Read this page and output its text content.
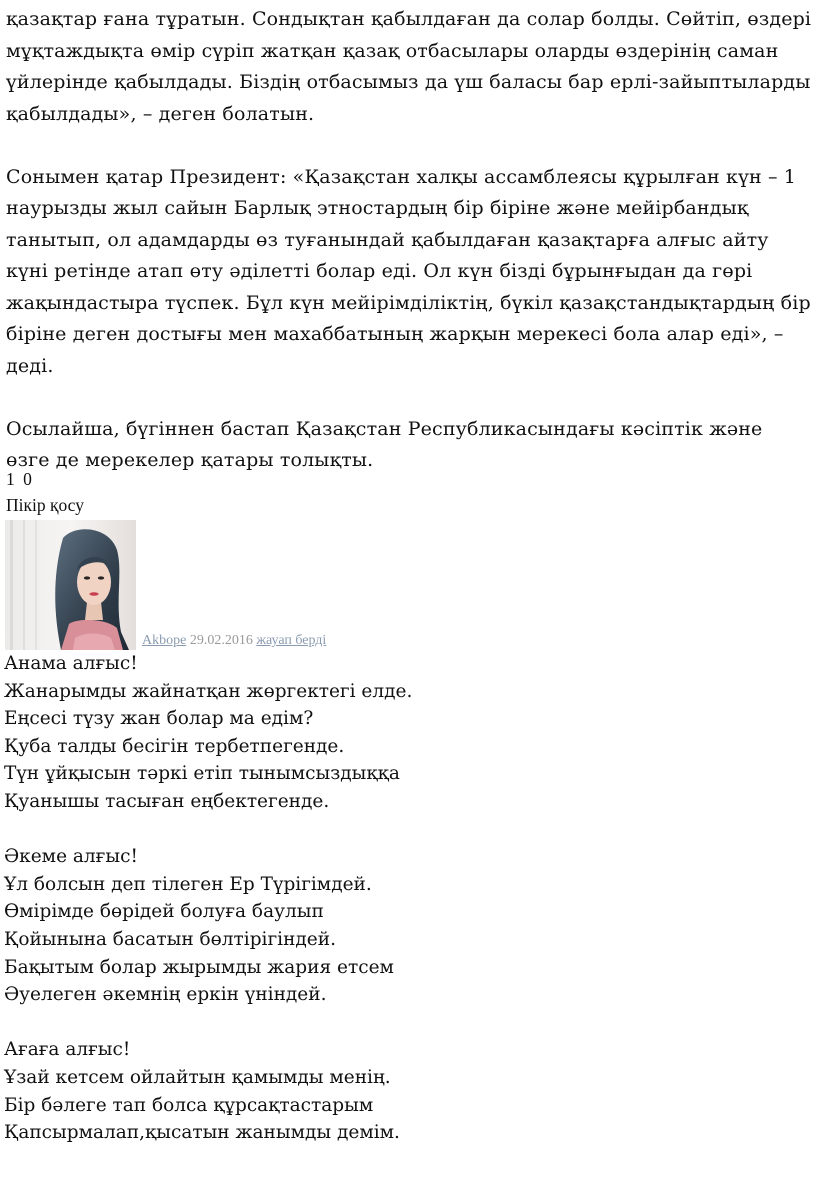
қазақтар ғана тұратын. Сондықтан қабылдаған да солар болды. Сөйтіп, өздері мұқтаждықта өмір сүріп жатқан қазақ отбасылары оларды өздерінің саман үйлерінде қабылдады. Біздің отбасымыз да үш баласы бар ерлі-зайыптыларды қабылдады», – деген болатын.

Сонымен қатар Президент: «Қазақстан халқы ассамблеясы құрылған күн – 1 наурызды жыл сайын Барлық этностардың бір біріне және мейірбандық танытып, ол адамдарды өз туғанындай қабылдаған қазақтарға алғыс айту күні ретінде атап өту әділетті болар еді. Ол күн бізді бұрынғыдан да гөрі жақындастыра түспек. Бұл күн мейірімділіктің, бүкіл қазақстандықтардың бір біріне деген достығы мен махаббатының жарқын мерекесі бола алар еді», – деді.

Осылайша, бүгіннен бастап Қазақстан Республикасындағы кәсіптік және өзге де мерекелер қатары толықты.

1 0
Пікір қосу
Akbope 29.02.2016 жауап берді
Анама алғыс!
Жанарымды жайнатқан жөргектегі елде.
Еңсесі түзу жан болар ма едім?
Қуба талды бесігін тербетпегенде.
Түн ұйқысын тәркі етіп тынымсыздыққа
Қуанышы тасыған еңбектегенде.
Әкеме алғыс!
Ұл болсын деп тілеген Ер Түрігімдей.
Өмірімде бөрідей болуға баулып
Қойынына басатын бөлтірігіндей.
Бақытым болар жырымды жария етсем
Әуелеген әкемнің еркін үніндей.
Ағаға алғыс!
Ұзай кетсем ойлайтын қамымды менің.
Бір бәлеге тап болса құрсақтастарым
Қапсырмалап,қысатын жанымды демім.
